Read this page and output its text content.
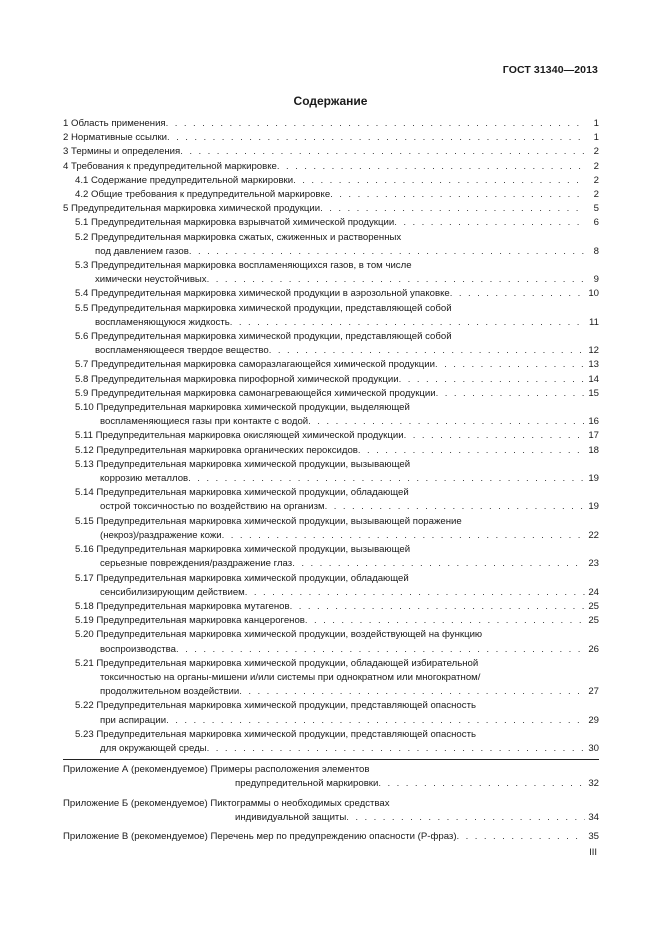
ГОСТ 31340—2013
Содержание
1 Область применения . . .	1
2 Нормативные ссылки . . .	1
3 Термины и определения . . .	2
4 Требования к предупредительной маркировке . . .	2
4.1 Содержание предупредительной маркировки . . .	2
4.2 Общие требования к предупредительной маркировке . . .	2
5 Предупредительная маркировка химической продукции . . .	5
5.1 Предупредительная маркировка взрывчатой химической продукции . . .	6
5.2 Предупредительная маркировка сжатых, сжиженных и растворенных
под давлением газов . . .	8
5.3 Предупредительная маркировка воспламеняющихся газов, в том числе
химически неустойчивых . . .	9
5.4 Предупредительная маркировка химической продукции в аэрозольной упаковке . . .	10
5.5 Предупредительная маркировка химической продукции, представляющей собой
воспламеняющуюся жидкость . . .	11
5.6 Предупредительная маркировка химической продукции, представляющей собой
воспламеняющееся твердое вещество . . .	12
5.7 Предупредительная маркировка саморазлагающейся химической продукции . . .	13
5.8 Предупредительная маркировка пирофорной химической продукции . . .	14
5.9 Предупредительная маркировка самонагревающейся химической продукции . . .	15
5.10 Предупредительная маркировка химической продукции, выделяющей
воспламеняющиеся газы при контакте с водой . . .	16
5.11 Предупредительная маркировка окисляющей химической продукции . . .	17
5.12 Предупредительная маркировка органических пероксидов . . .	18
5.13 Предупредительная маркировка химической продукции, вызывающей
коррозию металлов . . .	19
5.14 Предупредительная маркировка химической продукции, обладающей
острой токсичностью по воздействию на организм . . .	19
5.15 Предупредительная маркировка химической продукции, вызывающей поражение
(некроз)/раздражение кожи . . .	22
5.16 Предупредительная маркировка химической продукции, вызывающей
серьезные повреждения/раздражение глаз . . .	23
5.17 Предупредительная маркировка химической продукции, обладающей
сенсибилизирующим действием . . .	24
5.18 Предупредительная маркировка мутагенов . . .	25
5.19 Предупредительная маркировка канцерогенов . . .	25
5.20 Предупредительная маркировка химической продукции, воздействующей на функцию
воспроизводства . . .	26
5.21 Предупредительная маркировка химической продукции, обладающей избирательной
токсичностью на органы-мишени и/или системы при однократном или многократном/
продолжительном воздействии . . .	27
5.22 Предупредительная маркировка химической продукции, представляющей опасность
при аспирации . . .	29
5.23 Предупредительная маркировка химической продукции, представляющей опасность
для окружающей среды . . .	30
Приложение А (рекомендуемое) Примеры расположения элементов
предупредительной маркировки . . .	32
Приложение Б (рекомендуемое) Пиктограммы о необходимых средствах
индивидуальной защиты . . .	34
Приложение В (рекомендуемое) Перечень мер по предупреждению опасности (Р-фраз) . . .	35
III
